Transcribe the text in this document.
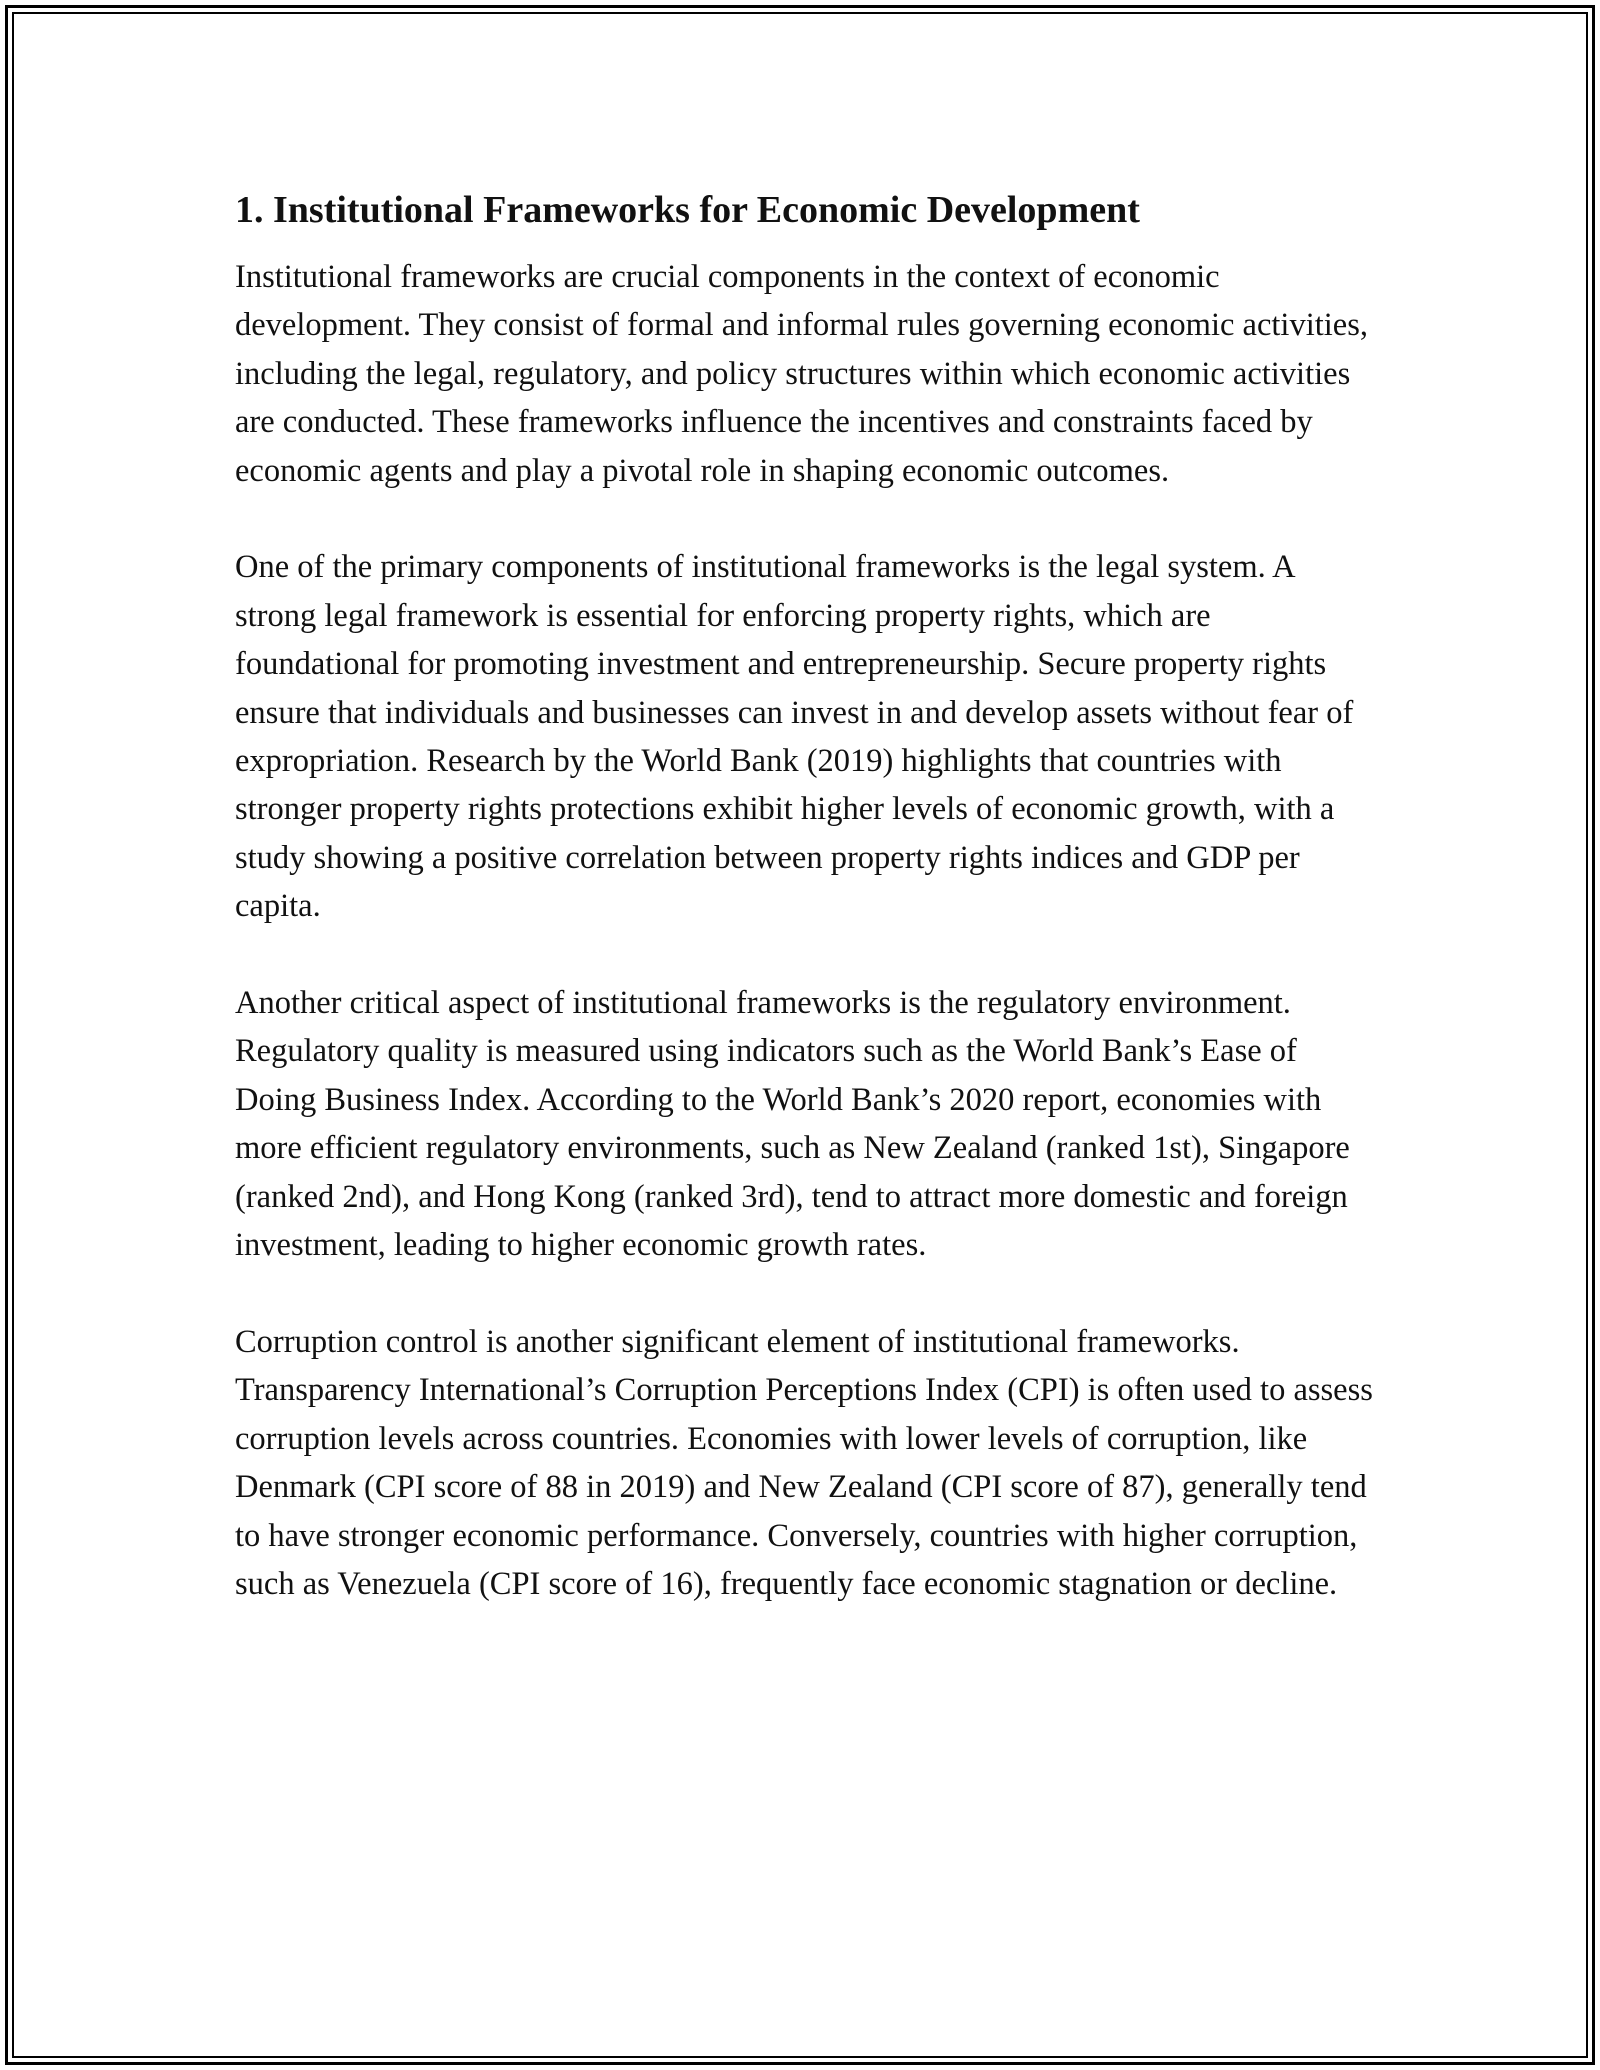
1. Institutional Frameworks for Economic Development

Institutional frameworks are crucial components in the context of economic development. They consist of formal and informal rules governing economic activities, including the legal, regulatory, and policy structures within which economic activities are conducted. These frameworks influence the incentives and constraints faced by economic agents and play a pivotal role in shaping economic outcomes.

One of the primary components of institutional frameworks is the legal system. A strong legal framework is essential for enforcing property rights, which are foundational for promoting investment and entrepreneurship. Secure property rights ensure that individuals and businesses can invest in and develop assets without fear of expropriation. Research by the World Bank (2019) highlights that countries with stronger property rights protections exhibit higher levels of economic growth, with a study showing a positive correlation between property rights indices and GDP per capita.

Another critical aspect of institutional frameworks is the regulatory environment. Regulatory quality is measured using indicators such as the World Bank’s Ease of Doing Business Index. According to the World Bank’s 2020 report, economies with more efficient regulatory environments, such as New Zealand (ranked 1st), Singapore (ranked 2nd), and Hong Kong (ranked 3rd), tend to attract more domestic and foreign investment, leading to higher economic growth rates.

Corruption control is another significant element of institutional frameworks. Transparency International’s Corruption Perceptions Index (CPI) is often used to assess corruption levels across countries. Economies with lower levels of corruption, like Denmark (CPI score of 88 in 2019) and New Zealand (CPI score of 87), generally tend to have stronger economic performance. Conversely, countries with higher corruption, such as Venezuela (CPI score of 16), frequently face economic stagnation or decline.
